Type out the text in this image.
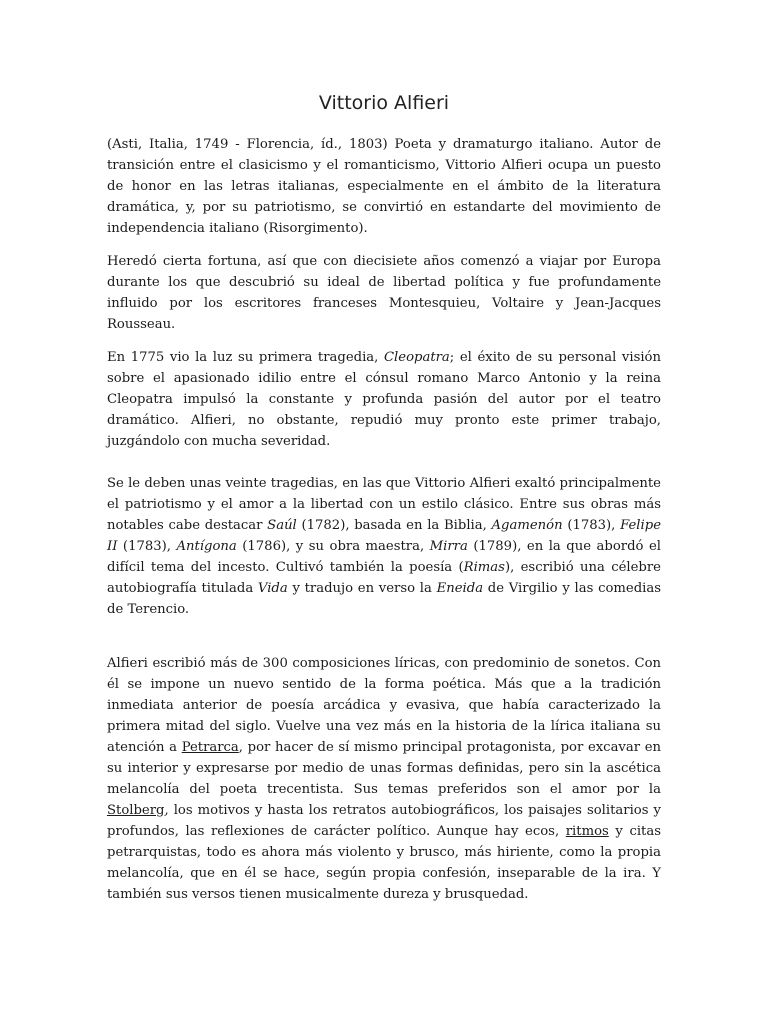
Vittorio Alfieri

(Asti, Italia, 1749 - Florencia, íd., 1803) Poeta y dramaturgo italiano. Autor de transición entre el clasicismo y el romanticismo, Vittorio Alfieri ocupa un puesto de honor en las letras italianas, especialmente en el ámbito de la literatura dramática, y, por su patriotismo, se convirtió en estandarte del movimiento de independencia italiano (Risorgimento).

Heredó cierta fortuna, así que con diecisiete años comenzó a viajar por Europa durante los que descubrió su ideal de libertad política y fue profundamente influido por los escritores franceses Montesquieu, Voltaire y Jean-Jacques Rousseau.

En 1775 vio la luz su primera tragedia, Cleopatra; el éxito de su personal visión sobre el apasionado idilio entre el cónsul romano Marco Antonio y la reina Cleopatra impulsó la constante y profunda pasión del autor por el teatro dramático. Alfieri, no obstante, repudió muy pronto este primer trabajo, juzgándolo con mucha severidad.

Se le deben unas veinte tragedias, en las que Vittorio Alfieri exaltó principalmente el patriotismo y el amor a la libertad con un estilo clásico. Entre sus obras más notables cabe destacar Saúl (1782), basada en la Biblia, Agamenón (1783), Felipe II (1783), Antígona (1786), y su obra maestra, Mirra (1789), en la que abordó el difícil tema del incesto. Cultivó también la poesía (Rimas), escribió una célebre autobiografía titulada Vida y tradujo en verso la Eneida de Virgilio y las comedias de Terencio.

Alfieri escribió más de 300 composiciones líricas, con predominio de sonetos. Con él se impone un nuevo sentido de la forma poética. Más que a la tradición inmediata anterior de poesía arcádica y evasiva, que había caracterizado la primera mitad del siglo. Vuelve una vez más en la historia de la lírica italiana su atención a Petrarca, por hacer de sí mismo principal protagonista, por excavar en su interior y expresarse por medio de unas formas definidas, pero sin la ascética melancolía del poeta trecentista. Sus temas preferidos son el amor por la Stolberg, los motivos y hasta los retratos autobiográficos, los paisajes solitarios y profundos, las reflexiones de carácter político. Aunque hay ecos, ritmos y citas petrarquistas, todo es ahora más violento y brusco, más hiriente, como la propia melancolía, que en él se hace, según propia confesión, inseparable de la ira. Y también sus versos tienen musicalmente dureza y brusquedad.
